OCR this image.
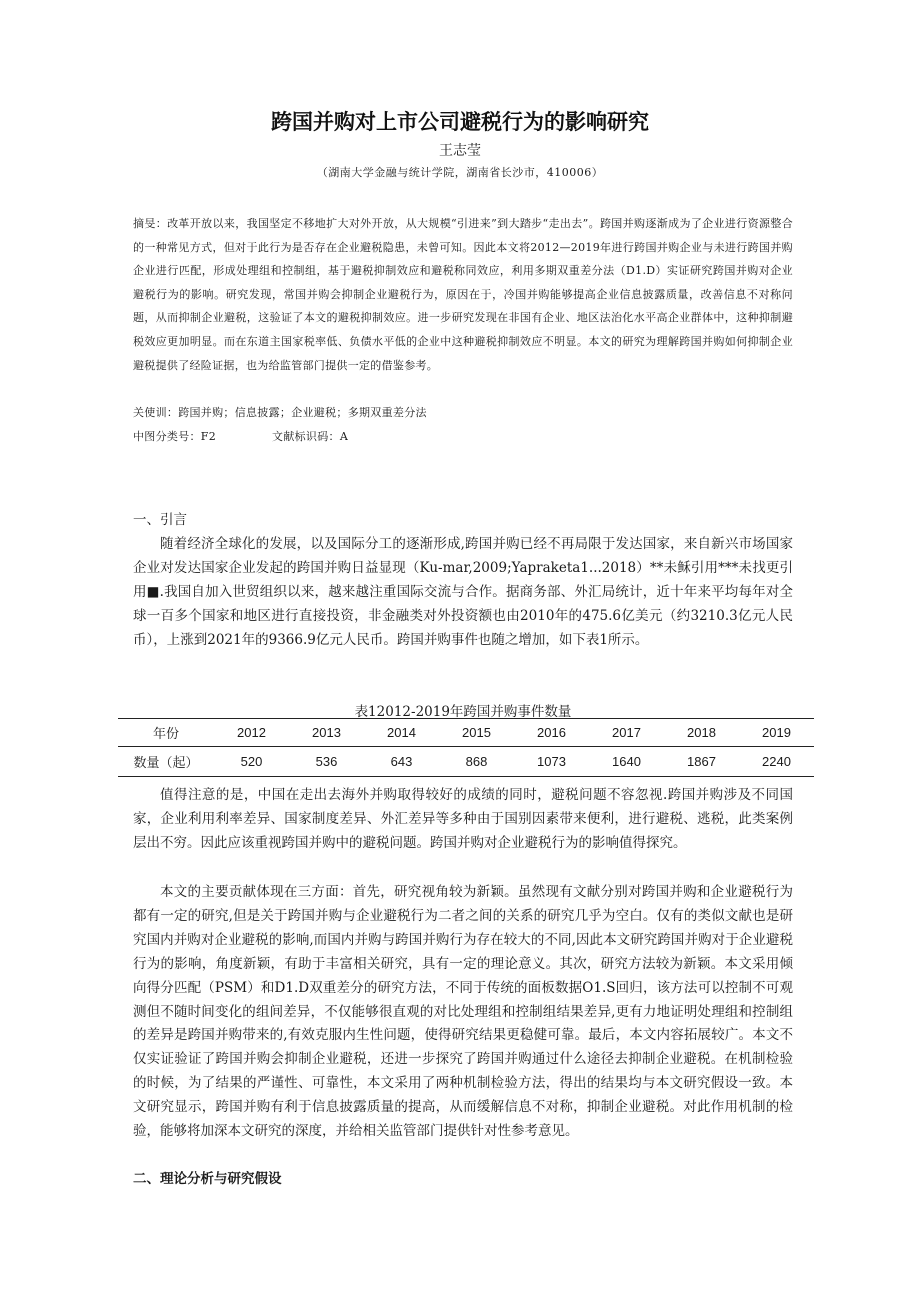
跨国并购对上市公司避税行为的影响研究
王志莹
（湖南大学金融与统计学院，湖南省长沙市，410006）
摘旻：改革开放以来，我国坚定不移地扩大对外开放，从大规模“引进来”到大踏步“走出去”。跨国并购逐渐成为了企业进行资源整合的一种常见方式，但对于此行为是否存在企业避税隐患，未曾可知。因此本文将2012—2019年进行跨国并购企业与未进行跨国并购企业进行匹配，形成处理组和控制组，基于避税抑制效应和避税称同效应，利用多期双重差分法（D1.D）实证研究跨国并购对企业避税行为的影响。研究发现，常国并购会抑制企业避税行为，原因在于，冷国并购能够提高企业信息披露质量，改善信息不对称问题，从而抑制企业避税，这验证了本文的避税抑制效应。进一步研究发现在非国有企业、地区法治化水平高企业群体中，这种抑制避税效应更加明显。而在东道主国家税率低、负债水平低的企业中这种避税抑制效应不明显。本文的研究为理解跨国并购如何抑制企业避税提供了经险证据，也为给监管部门提供一定的借鉴参考。
关使训：跨国并购；信息披露；企业避税；多期双重差分法
中图分类号：F2	文献标识码：A
一、引言

随着经济全球化的发展，以及国际分工的逐渐形成,跨国并购已经不再局限于发达国家，来自新兴市场国家企业对发达国家企业发起的跨国并购日益显现（Ku-mar,2009;Yapraketa1...2018）**未稣引用***未找更引用■.我国自加入世贸组织以来，越来越注重国际交流与合作。据商务部、外汇局统计，近十年来平均每年对全球一百多个国家和地区进行直接投资，非金融类对外投资额也由2010年的475.6亿美元（约3210.3亿元人民币），上涨到2021年的9366.9亿元人民币。跨国并购事件也随之增加，如下表1所示。

表12012-2019年跨国并购事件数量
年份	2012	2013	2014	2015	2016	2017	2018	2019
数量（起）	520	536	643	868	1073	1640	1867	2240

值得注意的是，中国在走出去海外并购取得较好的成绩的同时，避税问题不容忽视.跨国并购涉及不同国家，企业利用利率差异、国家制度差异、外汇差异等多种由于国别因素带来便利，进行避税、逃税，此类案例层出不穷。因此应该重视跨国并购中的避税问题。跨国并购对企业避税行为的影响值得探究。

本文的主要贡献体现在三方面：首先，研究视角较为新颖。虽然现有文献分别对跨国并购和企业避税行为都有一定的研究,但是关于跨国并购与企业避税行为二者之间的关系的研究几乎为空白。仅有的类似文献也是研究国内并购对企业避税的影响,而国内并购与跨国并购行为存在较大的不同,因此本文研究跨国并购对于企业避税行为的影响，角度新颖，有助于丰富相关研究，具有一定的理论意义。其次，研究方法较为新颖。本文采用倾向得分匹配（PSM）和D1.D双重差分的研究方法，不同于传统的面板数据O1.S回归，该方法可以控制不可观测但不随时间变化的组间差异，不仅能够很直观的对比处理组和控制组结果差异,更有力地证明处理组和控制组的差异是跨国并购带来的,有效克服内生性问题，使得研究结果更稳健可靠。最后，本文内容拓展较广。本文不仅实证验证了跨国并购会抑制企业避税，还进一步探究了跨国并购通过什么途径去抑制企业避税。在机制检验的时候，为了结果的严谨性、可靠性，本文采用了两种机制检验方法，得出的结果均与本文研究假设一致。本文研究显示，跨国并购有利于信息披露质量的提高，从而缓解信息不对称，抑制企业避税。对此作用机制的检验，能够将加深本文研究的深度，并给相关监管部门提供针对性参考意见。

二、理论分析与研究假设
